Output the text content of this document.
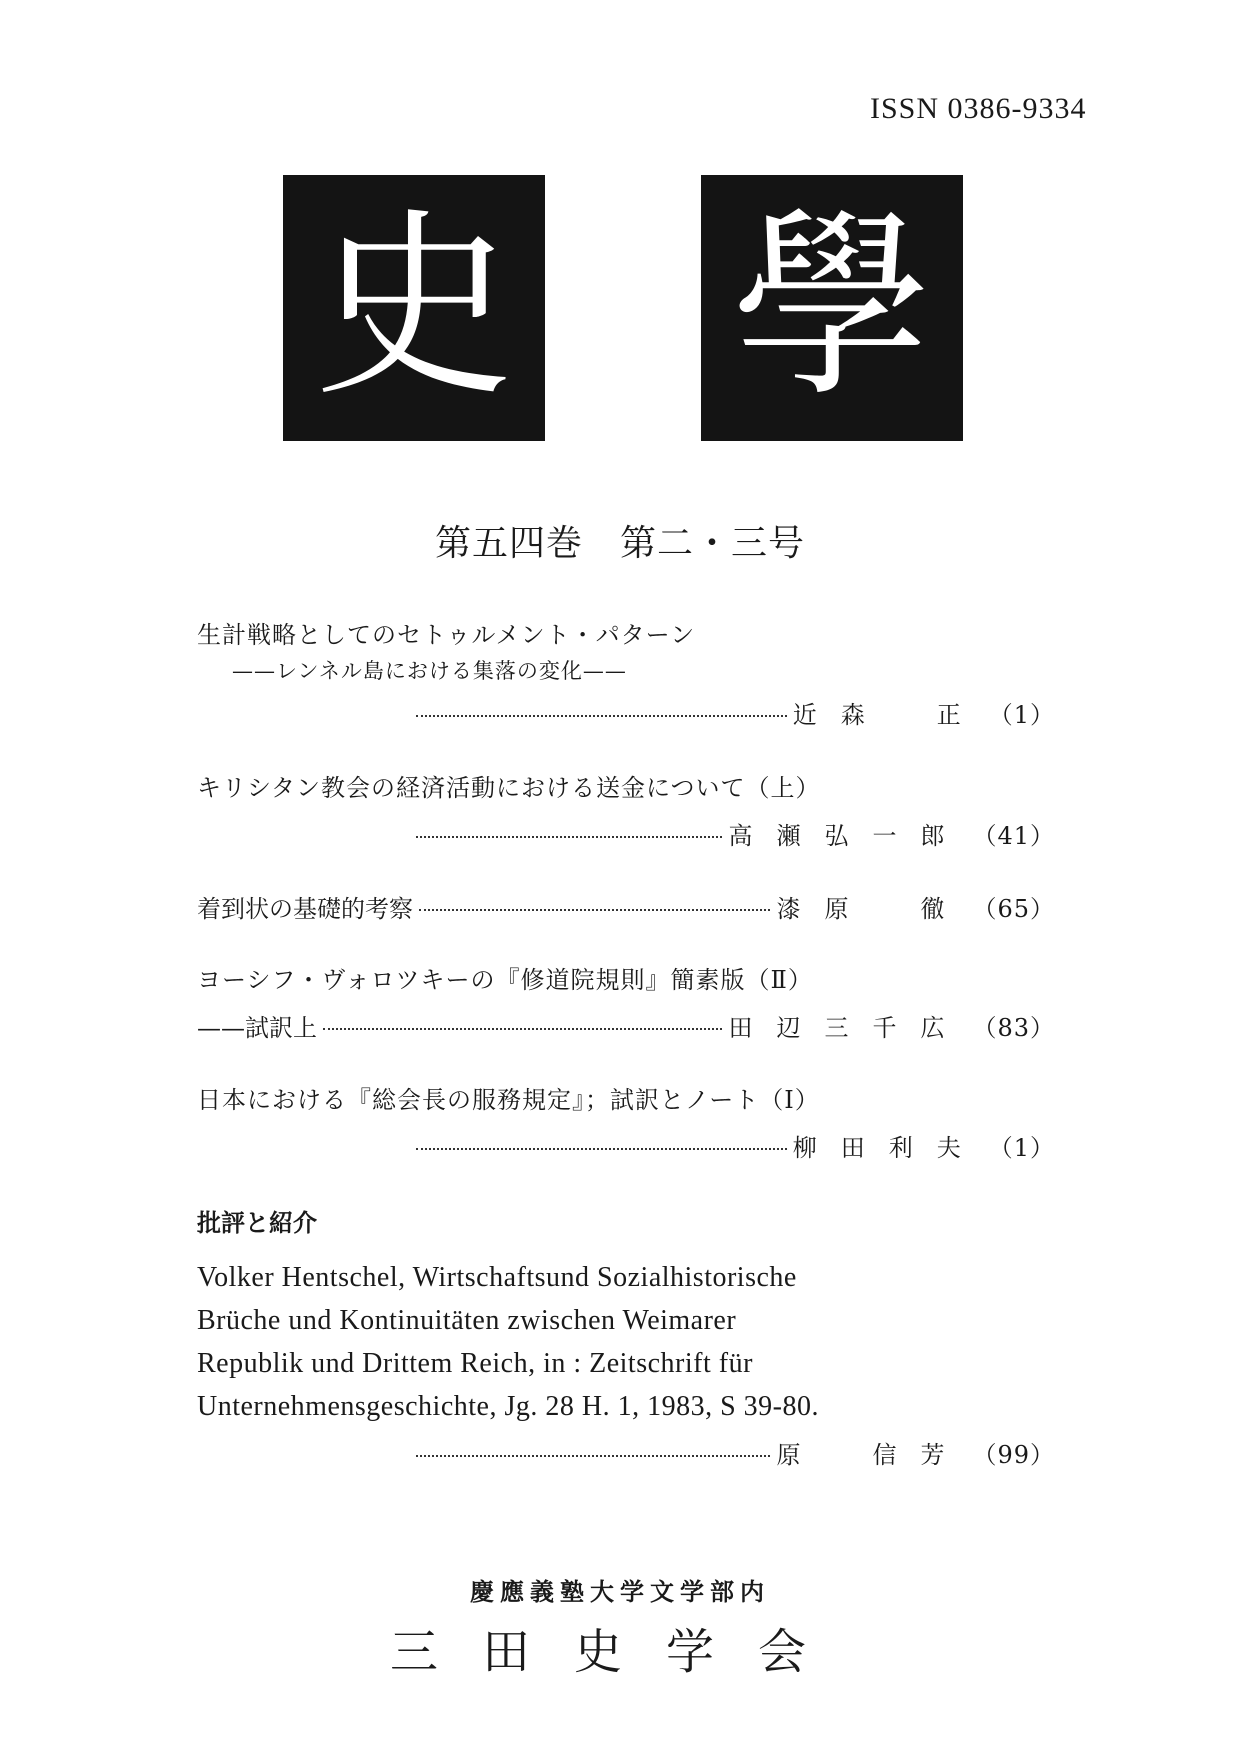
ISSN 0386-9334
史 學
第五四巻　第二・三号
生計戦略としてのセトゥルメント・パターン
——レンネル島における集落の変化——
近森　正 （1）
キリシタン教会の経済活動における送金について（上）
高瀬弘一郎 （41）
着到状の基礎的考察	漆原　徹 （65）
ヨーシフ・ヴォロツキーの『修道院規則』簡素版（Ⅱ）
——試訳上	田辺三千広 （83）
日本における『総会長の服務規定』；試訳とノート（Ⅰ）
柳田利夫 （1）
批評と紹介
Volker Hentschel, Wirtschaftsund Sozialhistorische
Brüche und Kontinuitäten zwischen Weimarer
Republik und Drittem Reich, in : Zeitschrift für
Unternehmensgeschichte, Jg. 28 H. 1, 1983, S 39-80.
原　信芳 （99）
慶應義塾大学文学部内
三田史学会
